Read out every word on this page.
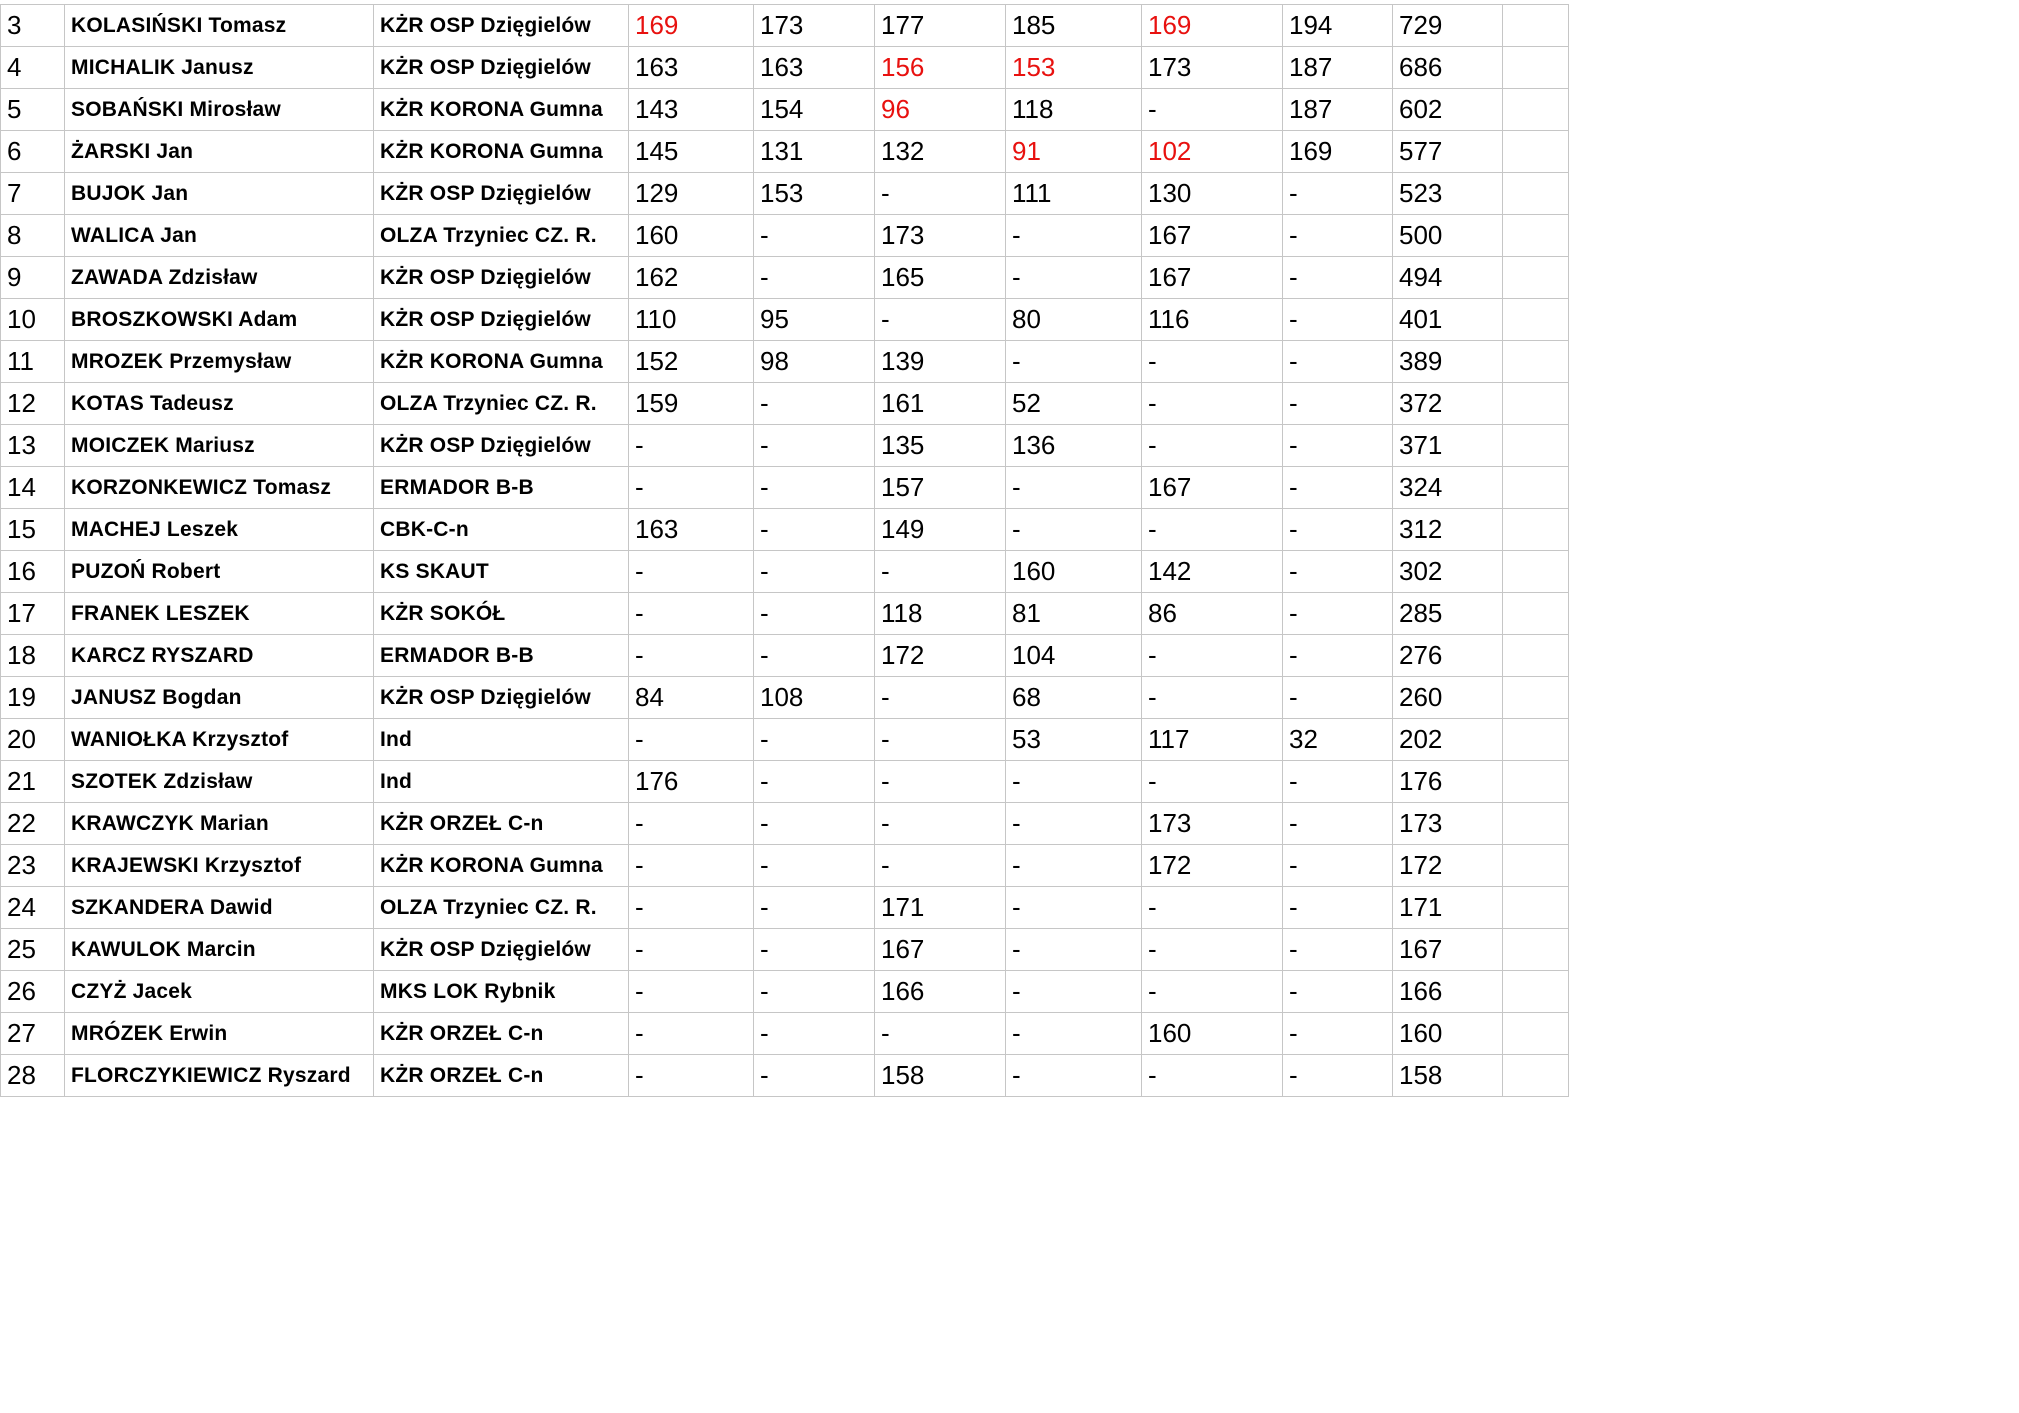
3	KOLASIŃSKI Tomasz	KŻR OSP Dzięgielów	169	173	177	185	169	194	729	
4	MICHALIK Janusz	KŻR OSP Dzięgielów	163	163	156	153	173	187	686	
5	SOBAŃSKI Mirosław	KŻR KORONA Gumna	143	154	96	118	-	187	602	
6	ŻARSKI Jan	KŻR KORONA Gumna	145	131	132	91	102	169	577	
7	BUJOK Jan	KŻR OSP Dzięgielów	129	153	-	111	130	-	523	
8	WALICA Jan	OLZA Trzyniec CZ. R.	160	-	173	-	167	-	500	
9	ZAWADA Zdzisław	KŻR OSP Dzięgielów	162	-	165	-	167	-	494	
10	BROSZKOWSKI Adam	KŻR OSP Dzięgielów	110	95	-	80	116	-	401	
11	MROZEK Przemysław	KŻR KORONA Gumna	152	98	139	-	-	-	389	
12	KOTAS Tadeusz	OLZA Trzyniec CZ. R.	159	-	161	52	-	-	372	
13	MOICZEK Mariusz	KŻR OSP Dzięgielów	-	-	135	136	-	-	371	
14	KORZONKEWICZ Tomasz	ERMADOR B-B	-	-	157	-	167	-	324	
15	MACHEJ Leszek	CBK-C-n	163	-	149	-	-	-	312	
16	PUZOŃ Robert	KS SKAUT	-	-	-	160	142	-	302	
17	FRANEK LESZEK	KŻR SOKÓŁ	-	-	118	81	86	-	285	
18	KARCZ RYSZARD	ERMADOR B-B	-	-	172	104	-	-	276	
19	JANUSZ Bogdan	KŻR OSP Dzięgielów	84	108	-	68	-	-	260	
20	WANIOŁKA Krzysztof	Ind	-	-	-	53	117	32	202	
21	SZOTEK Zdzisław	Ind	176	-	-	-	-	-	176	
22	KRAWCZYK Marian	KŻR ORZEŁ C-n	-	-	-	-	173	-	173	
23	KRAJEWSKI Krzysztof	KŻR KORONA Gumna	-	-	-	-	172	-	172	
24	SZKANDERA Dawid	OLZA Trzyniec CZ. R.	-	-	171	-	-	-	171	
25	KAWULOK Marcin	KŻR OSP Dzięgielów	-	-	167	-	-	-	167	
26	CZYŻ Jacek	MKS LOK Rybnik	-	-	166	-	-	-	166	
27	MRÓZEK Erwin	KŻR ORZEŁ C-n	-	-	-	-	160	-	160	
28	FLORCZYKIEWICZ Ryszard	KŻR ORZEŁ C-n	-	-	158	-	-	-	158	
